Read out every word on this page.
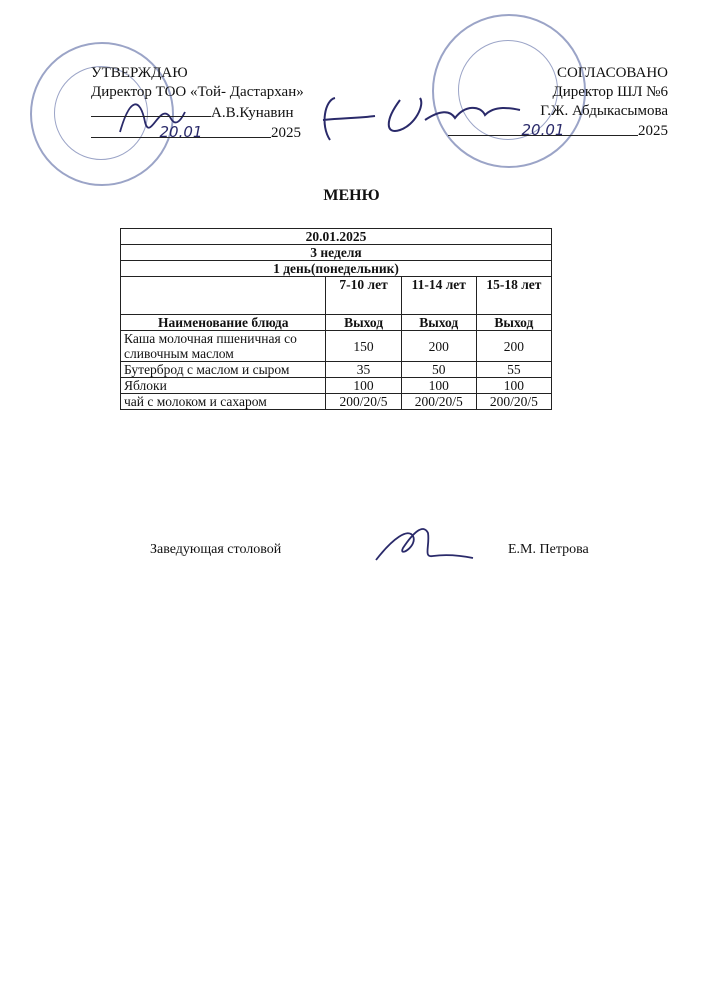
УТВЕРЖДАЮ
Директор ТОО «Той- Дастархан»
А.В.Кунавин
20.01	2025
СОГЛАСОВАНО
Директор ШЛ №6
Г.Ж. Абдыкасымова
20.01	2025
МЕНЮ
20.01.2025			
3 неделя			
1 день(понедельник)			
	7-10 лет	11-14 лет	15-18 лет
Наименование блюда	Выход	Выход	Выход
Каша молочная пшеничная со сливочным маслом	150	200	200
Бутерброд с маслом и сыром	35	50	55
Яблоки	100	100	100
чай с молоком и сахаром	200/20/5	200/20/5	200/20/5
Заведующая столовой	Е.М. Петрова
